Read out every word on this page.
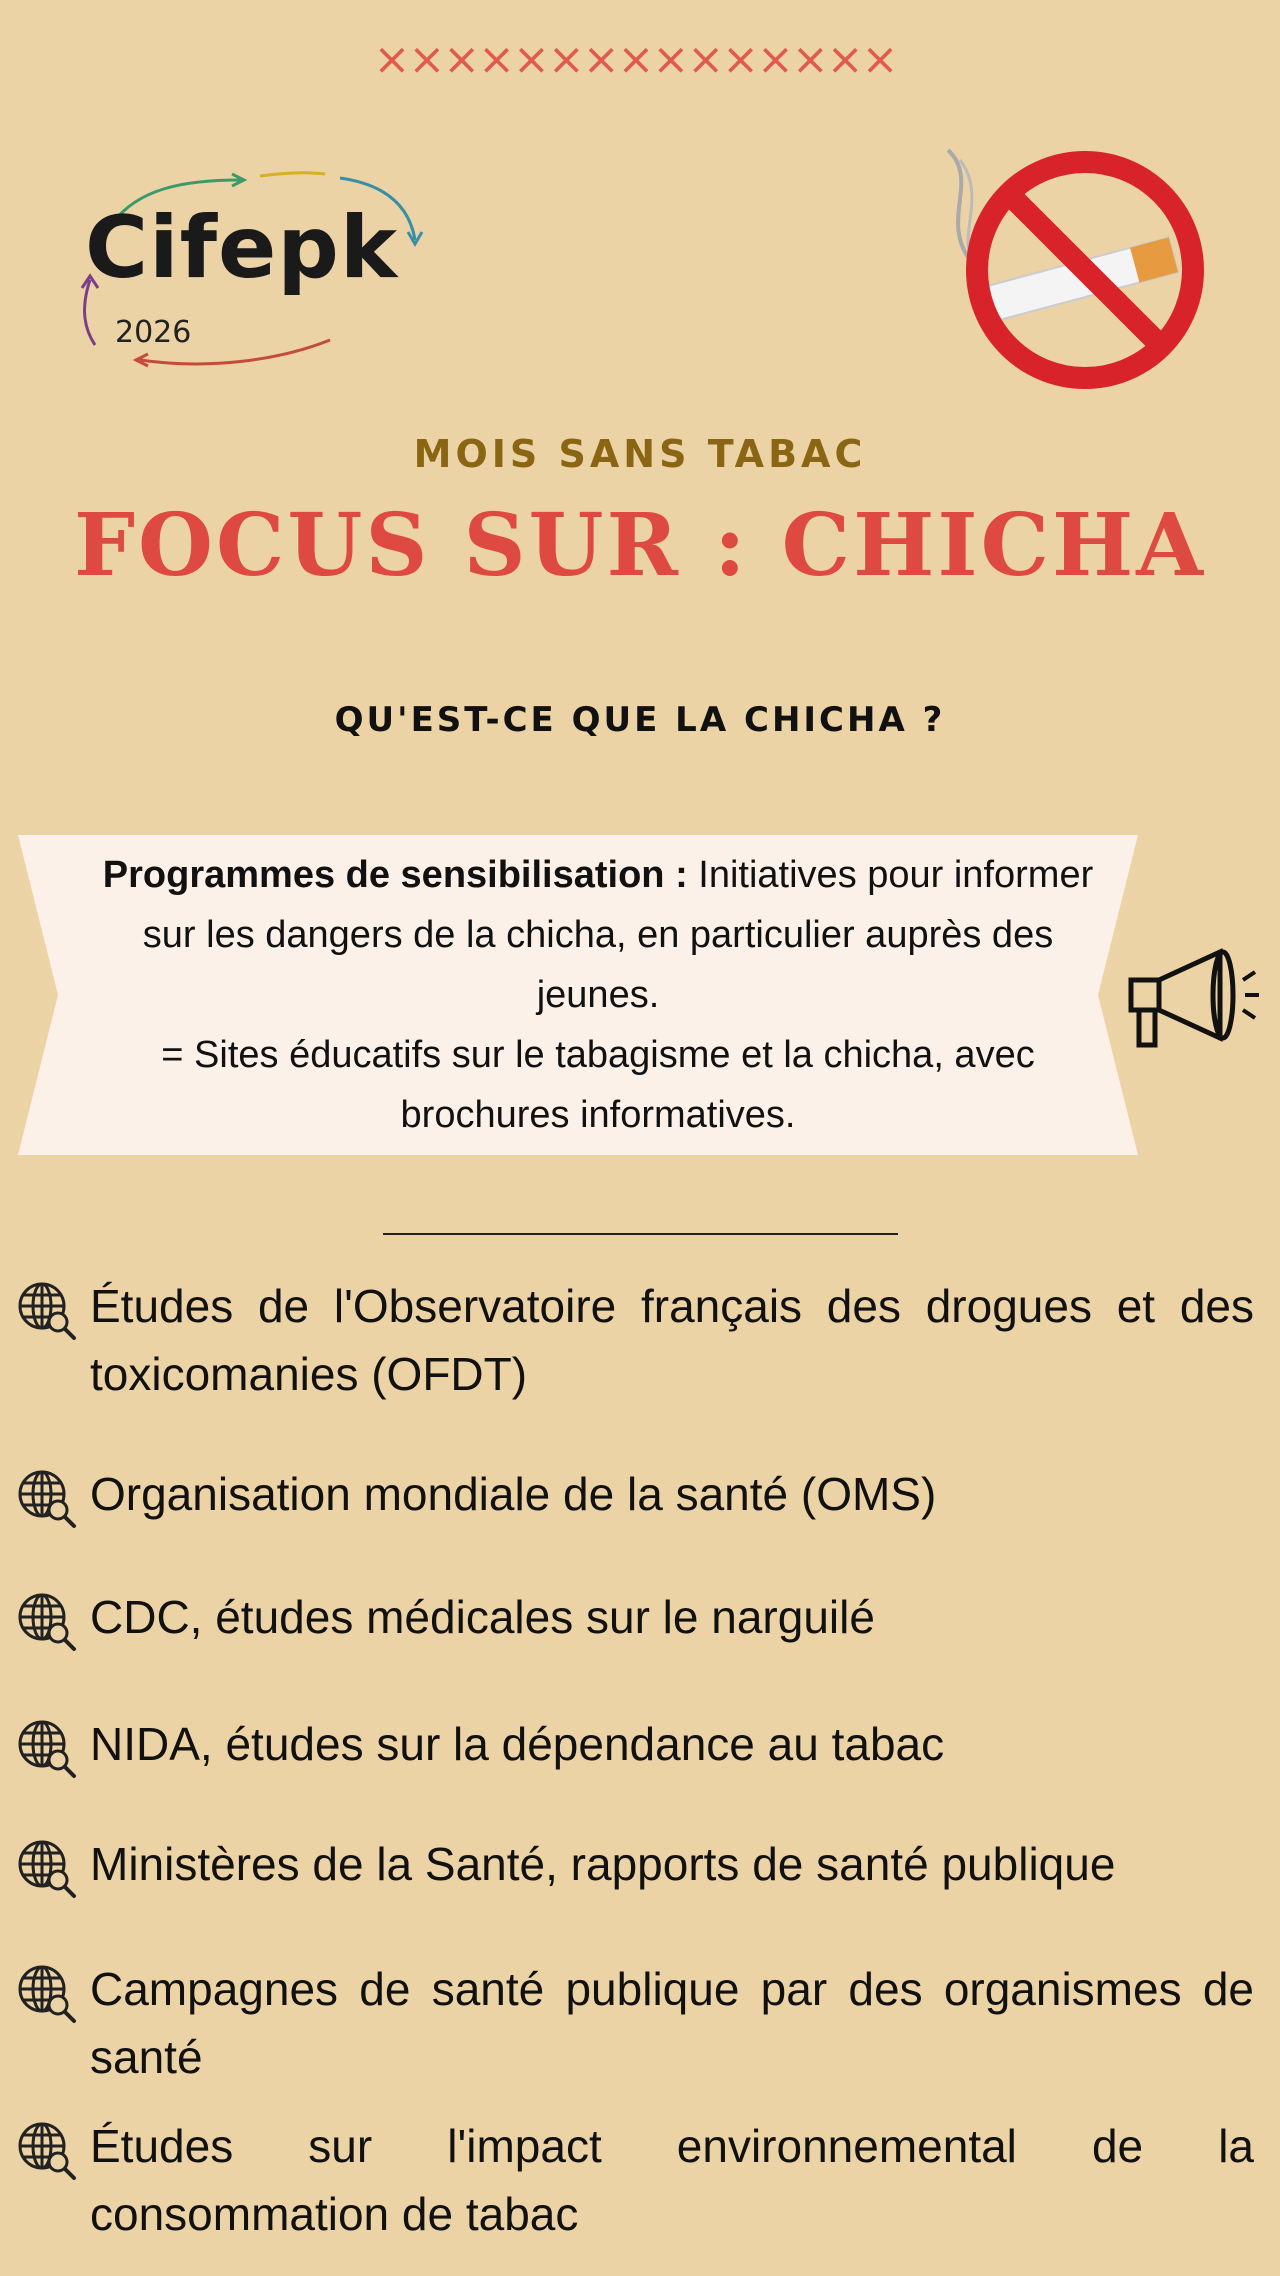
×××××××××××××××
Cifepk
2026
MOIS SANS TABAC
FOCUS SUR : CHICHA
QU'EST-CE QUE LA CHICHA ?
Programmes de sensibilisation : Initiatives pour informer sur les dangers de la chicha, en particulier auprès des jeunes.
= Sites éducatifs sur le tabagisme et la chicha, avec brochures informatives.
Études de l'Observatoire français des drogues et des toxicomanies (OFDT)
Organisation mondiale de la santé (OMS)
CDC, études médicales sur le narguilé
NIDA, études sur la dépendance au tabac
Ministères de la Santé, rapports de santé publique
Campagnes de santé publique par des organismes de santé
Études sur l'impact environnemental de la consommation de tabac
